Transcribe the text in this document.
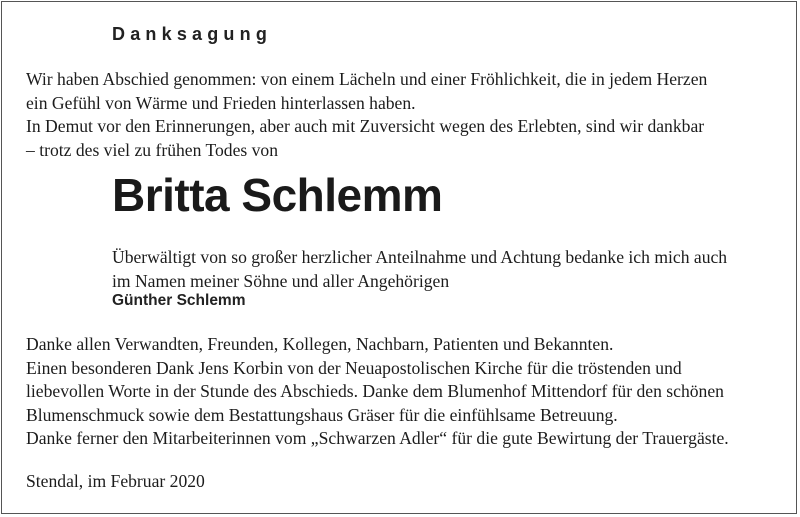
Danksagung

Wir haben Abschied genommen: von einem Lächeln und einer Fröhlichkeit, die in jedem Herzen
ein Gefühl von Wärme und Frieden hinterlassen haben.
In Demut vor den Erinnerungen, aber auch mit Zuversicht wegen des Erlebten, sind wir dankbar
– trotz des viel zu frühen Todes von

Britta Schlemm

Überwältigt von so großer herzlicher Anteilnahme und Achtung bedanke ich mich auch
im Namen meiner Söhne und aller Angehörigen

Günther Schlemm

Danke allen Verwandten, Freunden, Kollegen, Nachbarn, Patienten und Bekannten.
Einen besonderen Dank Jens Korbin von der Neuapostolischen Kirche für die tröstenden und
liebevollen Worte in der Stunde des Abschieds. Danke dem Blumenhof Mittendorf für den schönen
Blumenschmuck sowie dem Bestattungshaus Gräser für die einfühlsame Betreuung.
Danke ferner den Mitarbeiterinnen vom „Schwarzen Adler“ für die gute Bewirtung der Trauergäste.

Stendal, im Februar 2020
